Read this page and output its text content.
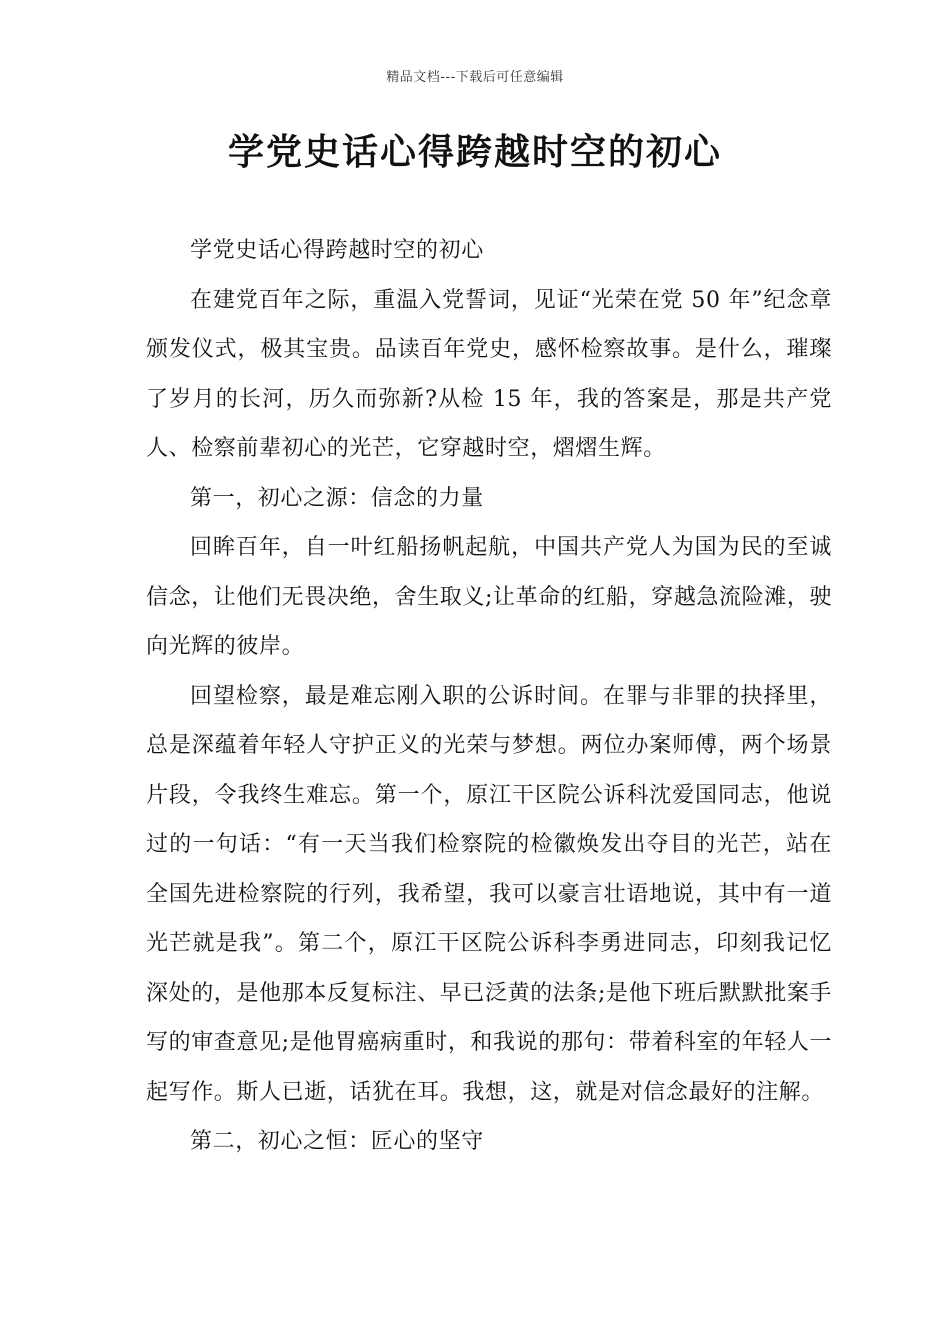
精品文档---下载后可任意编辑
学党史话心得跨越时空的初心

学党史话心得跨越时空的初心

在建党百年之际，重温入党誓词，见证“光荣在党 50 年”纪念章颁发仪式，极其宝贵。品读百年党史，感怀检察故事。是什么，璀璨了岁月的长河，历久而弥新?从检 15 年，我的答案是，那是共产党人、检察前辈初心的光芒，它穿越时空，熠熠生辉。

第一，初心之源：信念的力量

回眸百年，自一叶红船扬帆起航，中国共产党人为国为民的至诚信念，让他们无畏决绝，舍生取义;让革命的红船，穿越急流险滩，驶向光辉的彼岸。

回望检察，最是难忘刚入职的公诉时间。在罪与非罪的抉择里，总是深蕴着年轻人守护正义的光荣与梦想。两位办案师傅，两个场景片段，令我终生难忘。第一个，原江干区院公诉科沈爱国同志，他说过的一句话：“有一天当我们检察院的检徽焕发出夺目的光芒，站在全国先进检察院的行列，我希望，我可以豪言壮语地说，其中有一道光芒就是我”。第二个，原江干区院公诉科李勇进同志，印刻我记忆深处的，是他那本反复标注、早已泛黄的法条;是他下班后默默批案手写的审查意见;是他胃癌病重时，和我说的那句：带着科室的年轻人一起写作。斯人已逝，话犹在耳。我想，这，就是对信念最好的注解。

第二，初心之恒：匠心的坚守
